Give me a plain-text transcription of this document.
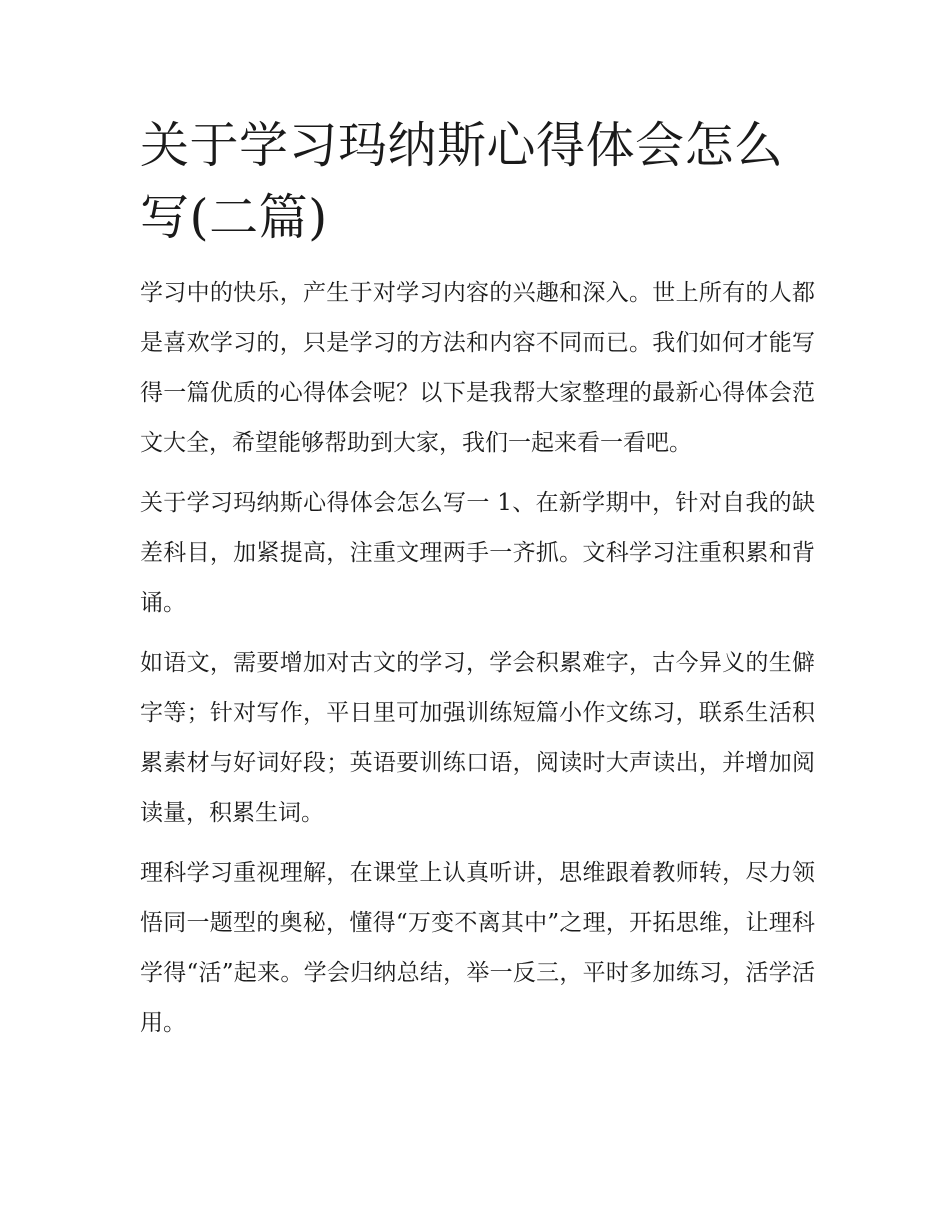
关于学习玛纳斯心得体会怎么写(二篇)

学习中的快乐，产生于对学习内容的兴趣和深入。世上所有的人都是喜欢学习的，只是学习的方法和内容不同而已。我们如何才能写得一篇优质的心得体会呢？以下是我帮大家整理的最新心得体会范文大全，希望能够帮助到大家，我们一起来看一看吧。

关于学习玛纳斯心得体会怎么写一 1、在新学期中，针对自我的缺差科目，加紧提高，注重文理两手一齐抓。文科学习注重积累和背诵。

如语文，需要增加对古文的学习，学会积累难字，古今异义的生僻字等；针对写作，平日里可加强训练短篇小作文练习，联系生活积累素材与好词好段；英语要训练口语，阅读时大声读出，并增加阅读量，积累生词。

理科学习重视理解，在课堂上认真听讲，思维跟着教师转，尽力领悟同一题型的奥秘，懂得“万变不离其中”之理，开拓思维，让理科学得“活”起来。学会归纳总结，举一反三，平时多加练习，活学活用。
